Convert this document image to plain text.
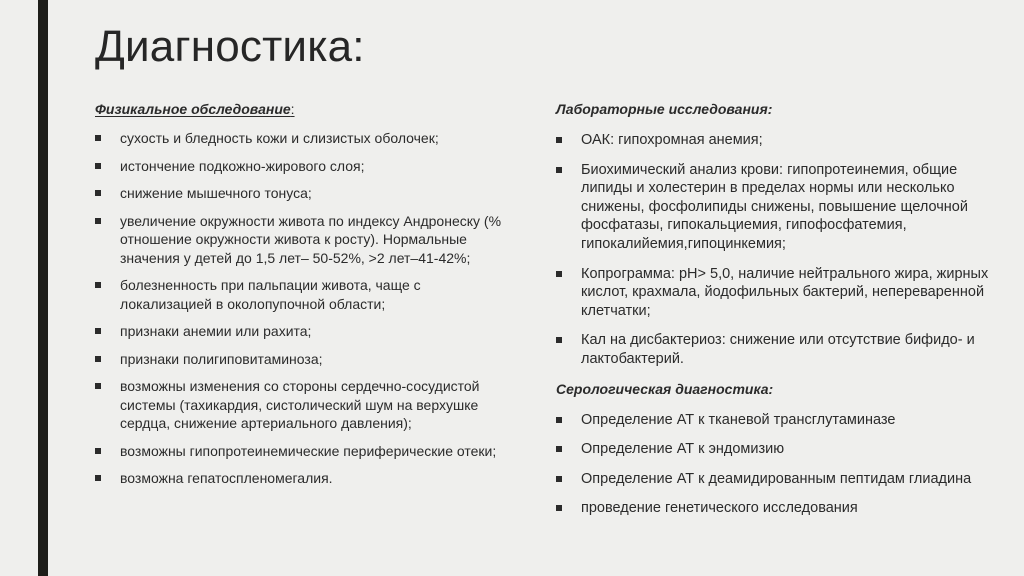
Диагностика:

Физикальное обследование:

сухость и бледность кожи и слизистых оболочек;
истончение подкожно-жирового слоя;
снижение мышечного тонуса;
увеличение окружности живота по индексу Андронеску (% отношение окружности живота к росту). Нормальные значения у детей до 1,5 лет– 50-52%, >2 лет–41-42%;
болезненность при пальпации живота, чаще с локализацией в околопупочной области;
признаки анемии или рахита;
признаки полигиповитаминоза;
возможны изменения со стороны сердечно-сосудистой системы (тахикардия, систолический шум на верхушке сердца, снижение артериального давления);
возможны гипопротеинемические периферические отеки;
возможна гепатоспленомегалия.

Лабораторные исследования:

ОАК: гипохромная анемия;
Биохимический анализ крови: гипопротеинемия, общие липиды и холестерин в пределах нормы или несколько снижены, фосфолипиды снижены, повышение щелочной фосфатазы, гипокальциемия, гипофосфатемия, гипокалийемия,гипоцинкемия;
Копрограмма: pH> 5,0, наличие нейтрального жира, жирных кислот, крахмала, йодофильных бактерий, непереваренной клетчатки;
Кал на дисбактериоз: снижение или отсутствие бифидо- и лактобактерий.

Серологическая диагностика:

Определение АТ к тканевой трансглутаминазе
Определение АТ к эндомизию
Определение АТ к деамидированным пептидам глиадина
проведение генетического исследования
